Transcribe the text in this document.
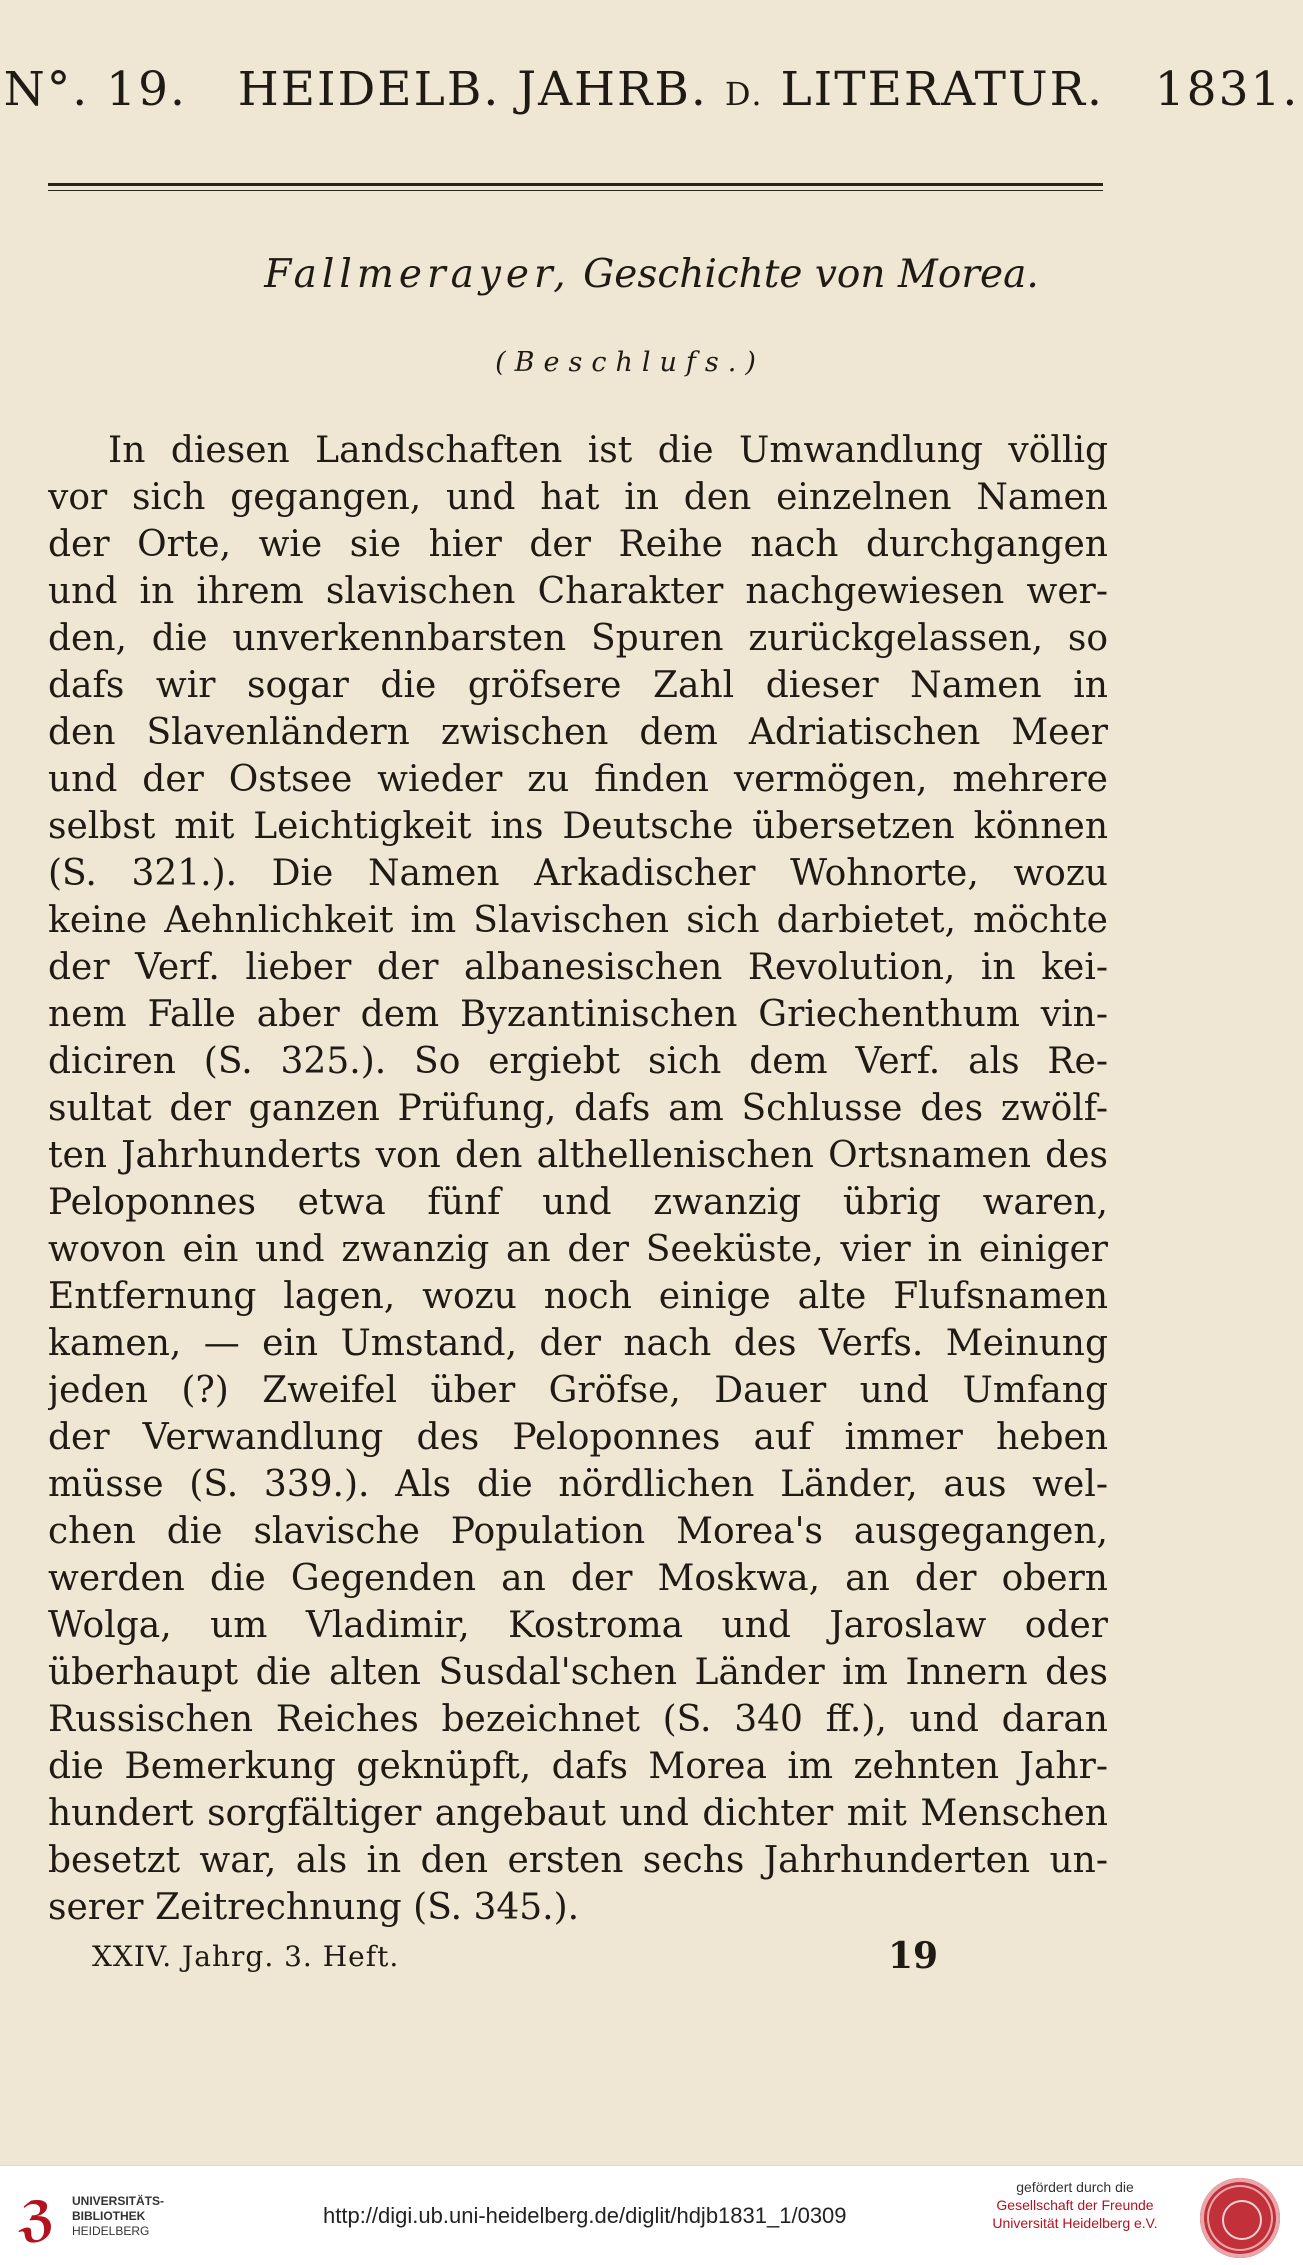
N°. 19. HEIDELB. JAHRB. D. LITERATUR. 1831.
Fallmerayer, Geschichte von Morea.
(Beschlufs.)
In diesen Landschaften ist die Umwandlung völlig
vor sich gegangen, und hat in den einzelnen Namen
der Orte, wie sie hier der Reihe nach durchgangen
und in ihrem slavischen Charakter nachgewiesen wer-
den, die unverkennbarsten Spuren zurückgelassen, so
dafs wir sogar die gröfsere Zahl dieser Namen in
den Slavenländern zwischen dem Adriatischen Meer
und der Ostsee wieder zu finden vermögen, mehrere
selbst mit Leichtigkeit ins Deutsche übersetzen können
(S. 321.). Die Namen Arkadischer Wohnorte, wozu
keine Aehnlichkeit im Slavischen sich darbietet, möchte
der Verf. lieber der albanesischen Revolution, in kei-
nem Falle aber dem Byzantinischen Griechenthum vin-
diciren (S. 325.). So ergiebt sich dem Verf. als Re-
sultat der ganzen Prüfung, dafs am Schlusse des zwölf-
ten Jahrhunderts von den althellenischen Ortsnamen des
Peloponnes etwa fünf und zwanzig übrig waren,
wovon ein und zwanzig an der Seeküste, vier in einiger
Entfernung lagen, wozu noch einige alte Flufsnamen
kamen, — ein Umstand, der nach des Verfs. Meinung
jeden (?) Zweifel über Gröfse, Dauer und Umfang
der Verwandlung des Peloponnes auf immer heben
müsse (S. 339.). Als die nördlichen Länder, aus wel-
chen die slavische Population Morea's ausgegangen,
werden die Gegenden an der Moskwa, an der obern
Wolga, um Vladimir, Kostroma und Jaroslaw oder
überhaupt die alten Susdal'schen Länder im Innern des
Russischen Reiches bezeichnet (S. 340 ff.), und daran
die Bemerkung geknüpft, dafs Morea im zehnten Jahr-
hundert sorgfältiger angebaut und dichter mit Menschen
besetzt war, als in den ersten sechs Jahrhunderten un-
serer Zeitrechnung (S. 345.).
XXIV. Jahrg. 3. Heft.	19
ℨ	UNIVERSITÄTS-
BIBLIOTHEK
HEIDELBERG
http://digi.ub.uni-heidelberg.de/diglit/hdjb1831_1/0309
gefördert durch die
Gesellschaft der Freunde
Universität Heidelberg e.V.
